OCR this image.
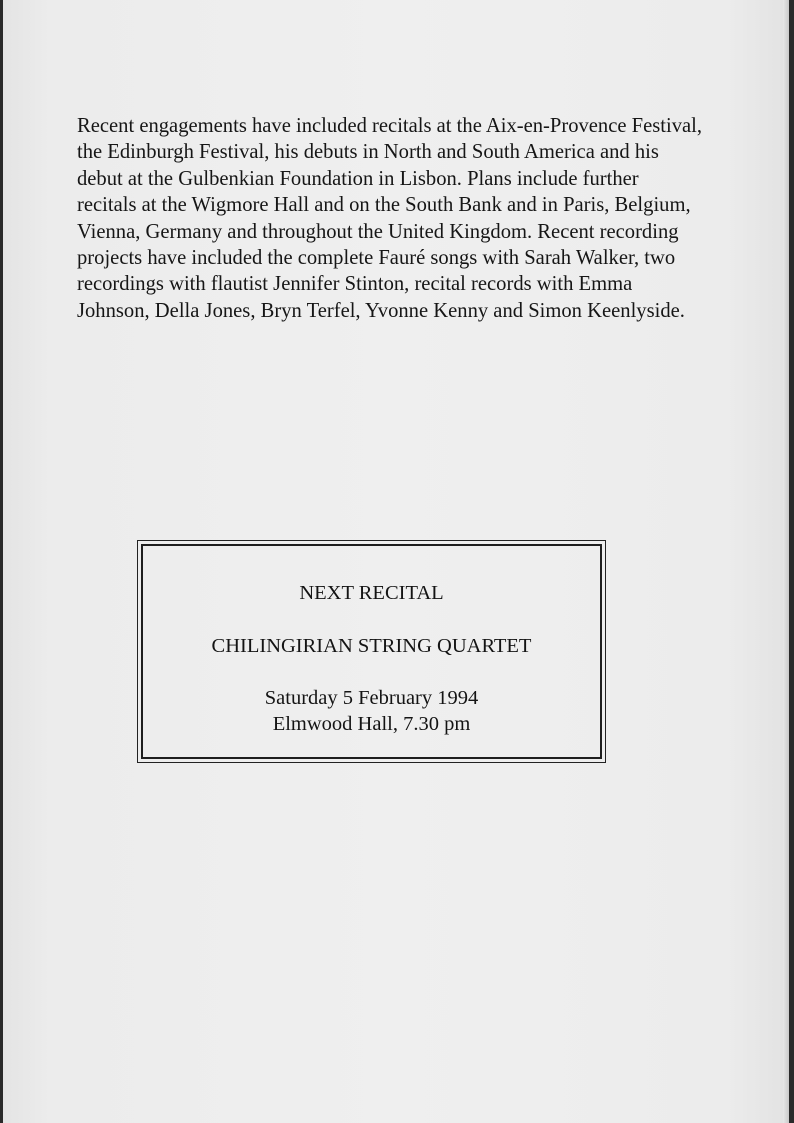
Recent engagements have included recitals at the Aix-en-Provence Festival,
the Edinburgh Festival, his debuts in North and South America and his
debut at the Gulbenkian Foundation in Lisbon. Plans include further
recitals at the Wigmore Hall and on the South Bank and in Paris, Belgium,
Vienna, Germany and throughout the United Kingdom. Recent recording
projects have included the complete Fauré songs with Sarah Walker, two
recordings with flautist Jennifer Stinton, recital records with Emma
Johnson, Della Jones, Bryn Terfel, Yvonne Kenny and Simon Keenlyside.

NEXT RECITAL

CHILINGIRIAN STRING QUARTET

Saturday 5 February 1994

Elmwood Hall, 7.30 pm
